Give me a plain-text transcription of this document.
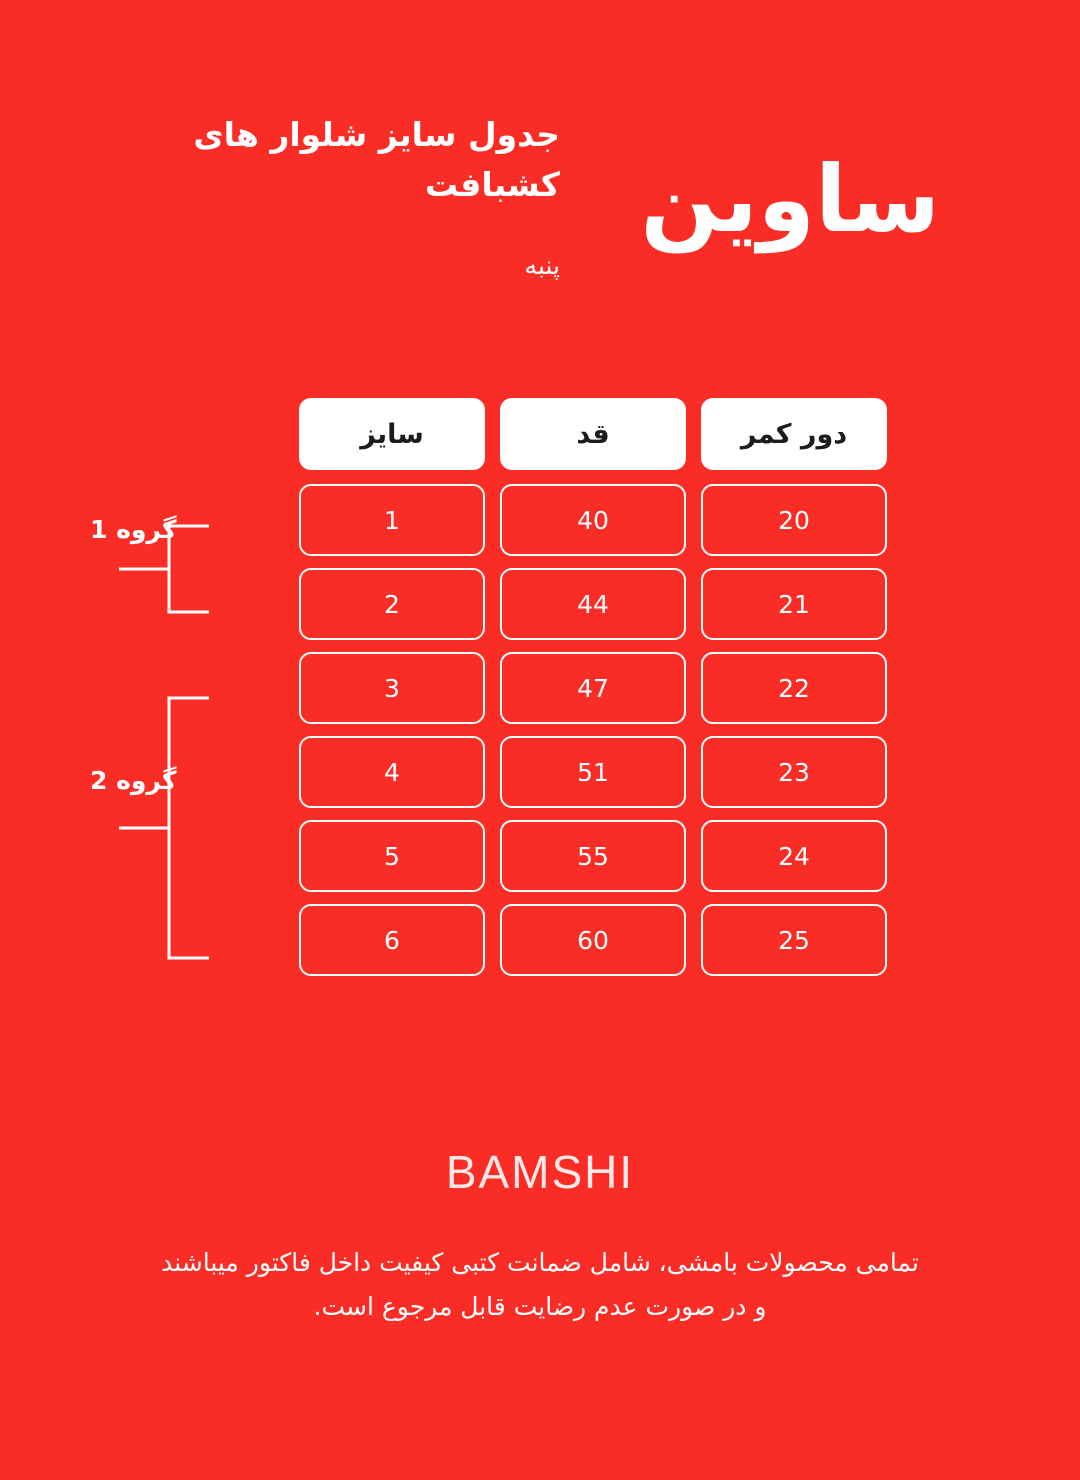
ساوین
جدول سایز شلوار های کشبافت
پنبه
دور کمر
قد
سایز
20
40
1
21
44
2
22
47
3
23
51
4
24
55
5
25
60
6
گروه 1
گروه 2
BAMSHI
تمامی محصولات بامشی، شامل ضمانت کتبی کیفیت داخل فاکتور میباشند
و در صورت عدم رضایت قابل مرجوع است.
